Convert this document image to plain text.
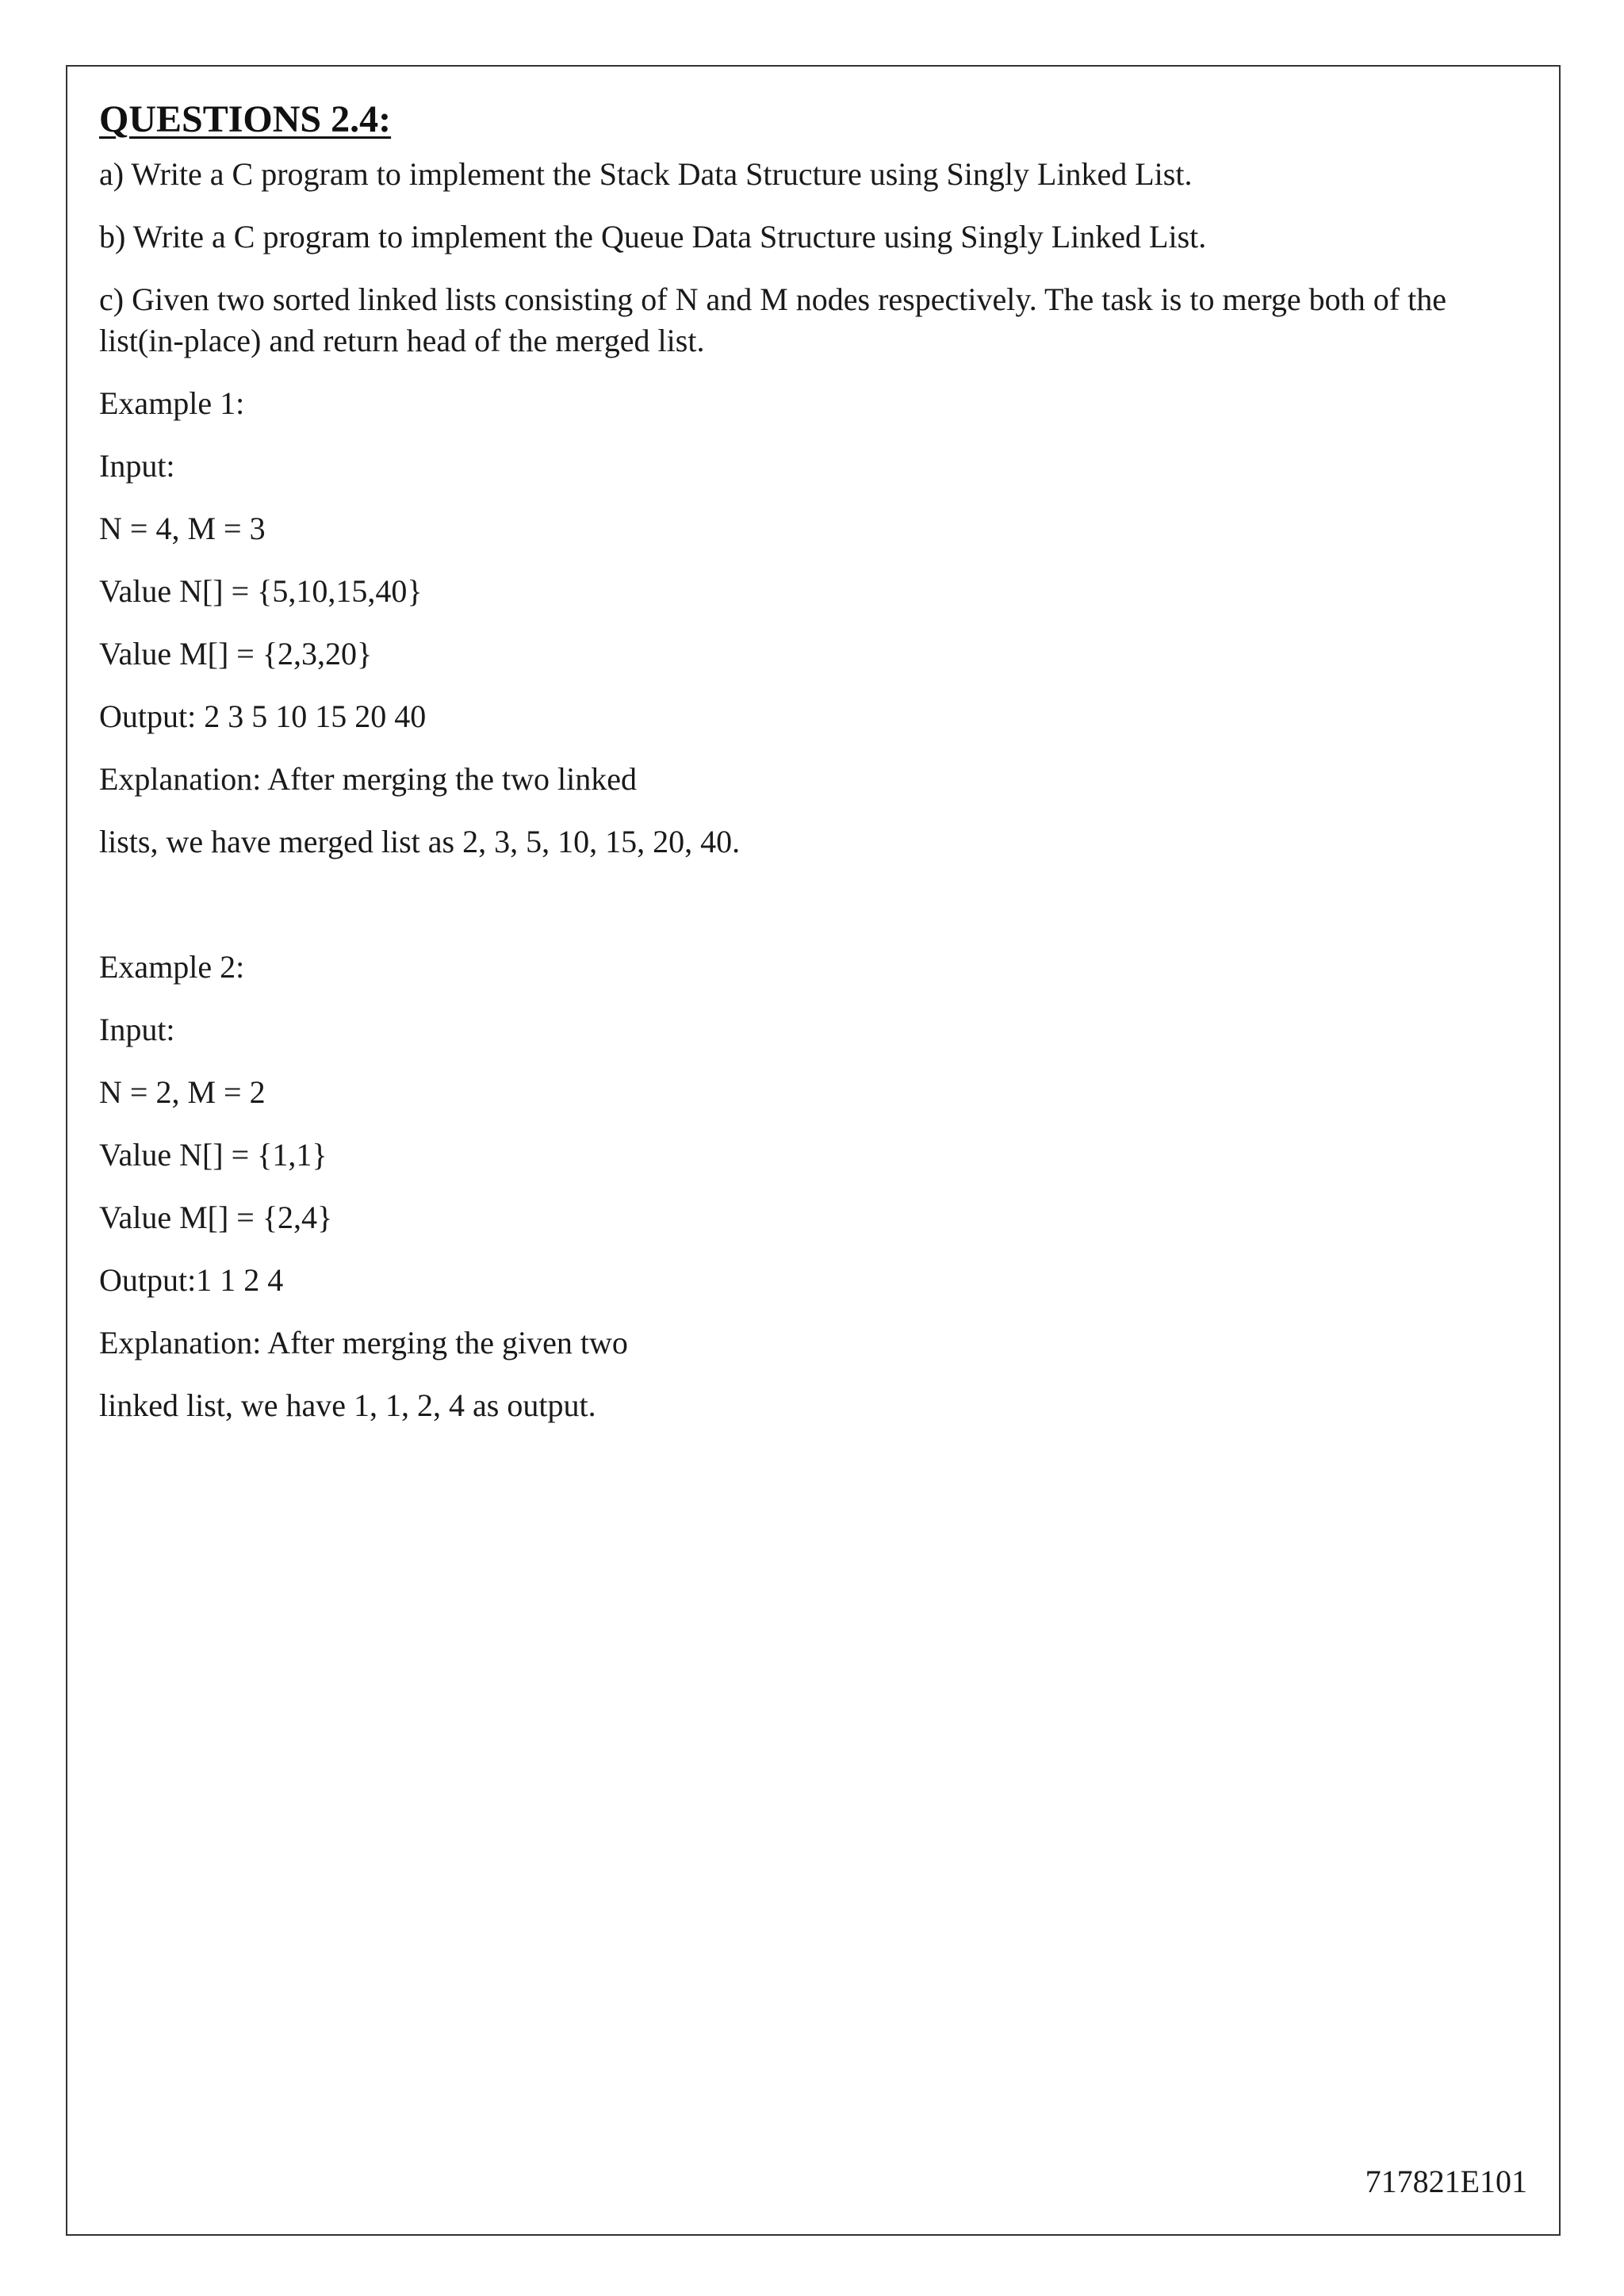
QUESTIONS 2.4:
a) Write a C program to implement the Stack Data Structure using Singly Linked List.
b) Write a C program to implement the Queue Data Structure using Singly Linked List.
c) Given two sorted linked lists consisting of N and M nodes respectively. The task is to merge both of the list(in-place) and return head of the merged list.
Example 1:
Input:
N = 4, M = 3
Value N[] = {5,10,15,40}
Value M[] = {2,3,20}
Output: 2 3 5 10 15 20 40
Explanation: After merging the two linked
lists, we have merged list as 2, 3, 5, 10, 15, 20, 40.
Example 2:
Input:
N = 2, M = 2
Value N[] = {1,1}
Value M[] = {2,4}
Output:1 1 2 4
Explanation: After merging the given two
linked list, we have 1, 1, 2, 4 as output.
717821E101
